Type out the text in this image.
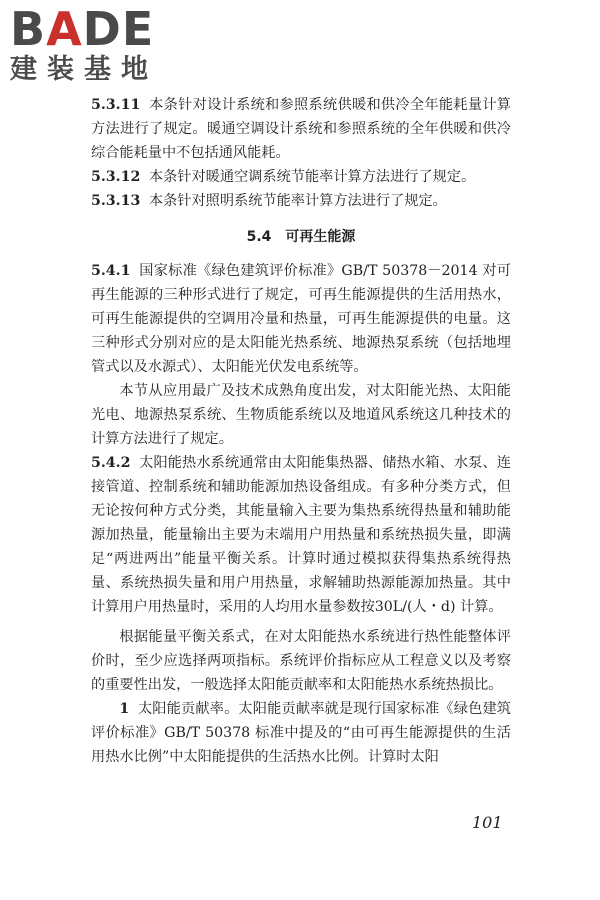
BADE
建装基地

5.3.11 本条针对设计系统和参照系统供暖和供冷全年能耗量计算方法进行了规定。暖通空调设计系统和参照系统的全年供暖和供冷综合能耗量中不包括通风能耗。

5.3.12 本条针对暖通空调系统节能率计算方法进行了规定。

5.3.13 本条针对照明系统节能率计算方法进行了规定。

5.4 可再生能源

5.4.1 国家标准《绿色建筑评价标准》GB/T 50378－2014 对可再生能源的三种形式进行了规定，可再生能源提供的生活用热水，可再生能源提供的空调用冷量和热量，可再生能源提供的电量。这三种形式分别对应的是太阳能光热系统、地源热泵系统（包括地埋管式以及水源式）、太阳能光伏发电系统等。

本节从应用最广及技术成熟角度出发，对太阳能光热、太阳能光电、地源热泵系统、生物质能系统以及地道风系统这几种技术的计算方法进行了规定。

5.4.2 太阳能热水系统通常由太阳能集热器、储热水箱、水泵、连接管道、控制系统和辅助能源加热设备组成。有多种分类方式，但无论按何种方式分类，其能量输入主要为集热系统得热量和辅助能源加热量，能量输出主要为末端用户用热量和系统热损失量，即满足“两进两出”能量平衡关系。计算时通过模拟获得集热系统得热量、系统热损失量和用户用热量，求解辅助热源能源加热量。其中计算用户用热量时，采用的人均用水量参数按30L/(人・d) 计算。

根据能量平衡关系式，在对太阳能热水系统进行热性能整体评价时，至少应选择两项指标。系统评价指标应从工程意义以及考察的重要性出发，一般选择太阳能贡献率和太阳能热水系统热损比。

1 太阳能贡献率。太阳能贡献率就是现行国家标准《绿色建筑评价标准》GB/T 50378 标准中提及的“由可再生能源提供的生活用热水比例”中太阳能提供的生活热水比例。计算时太阳

101
